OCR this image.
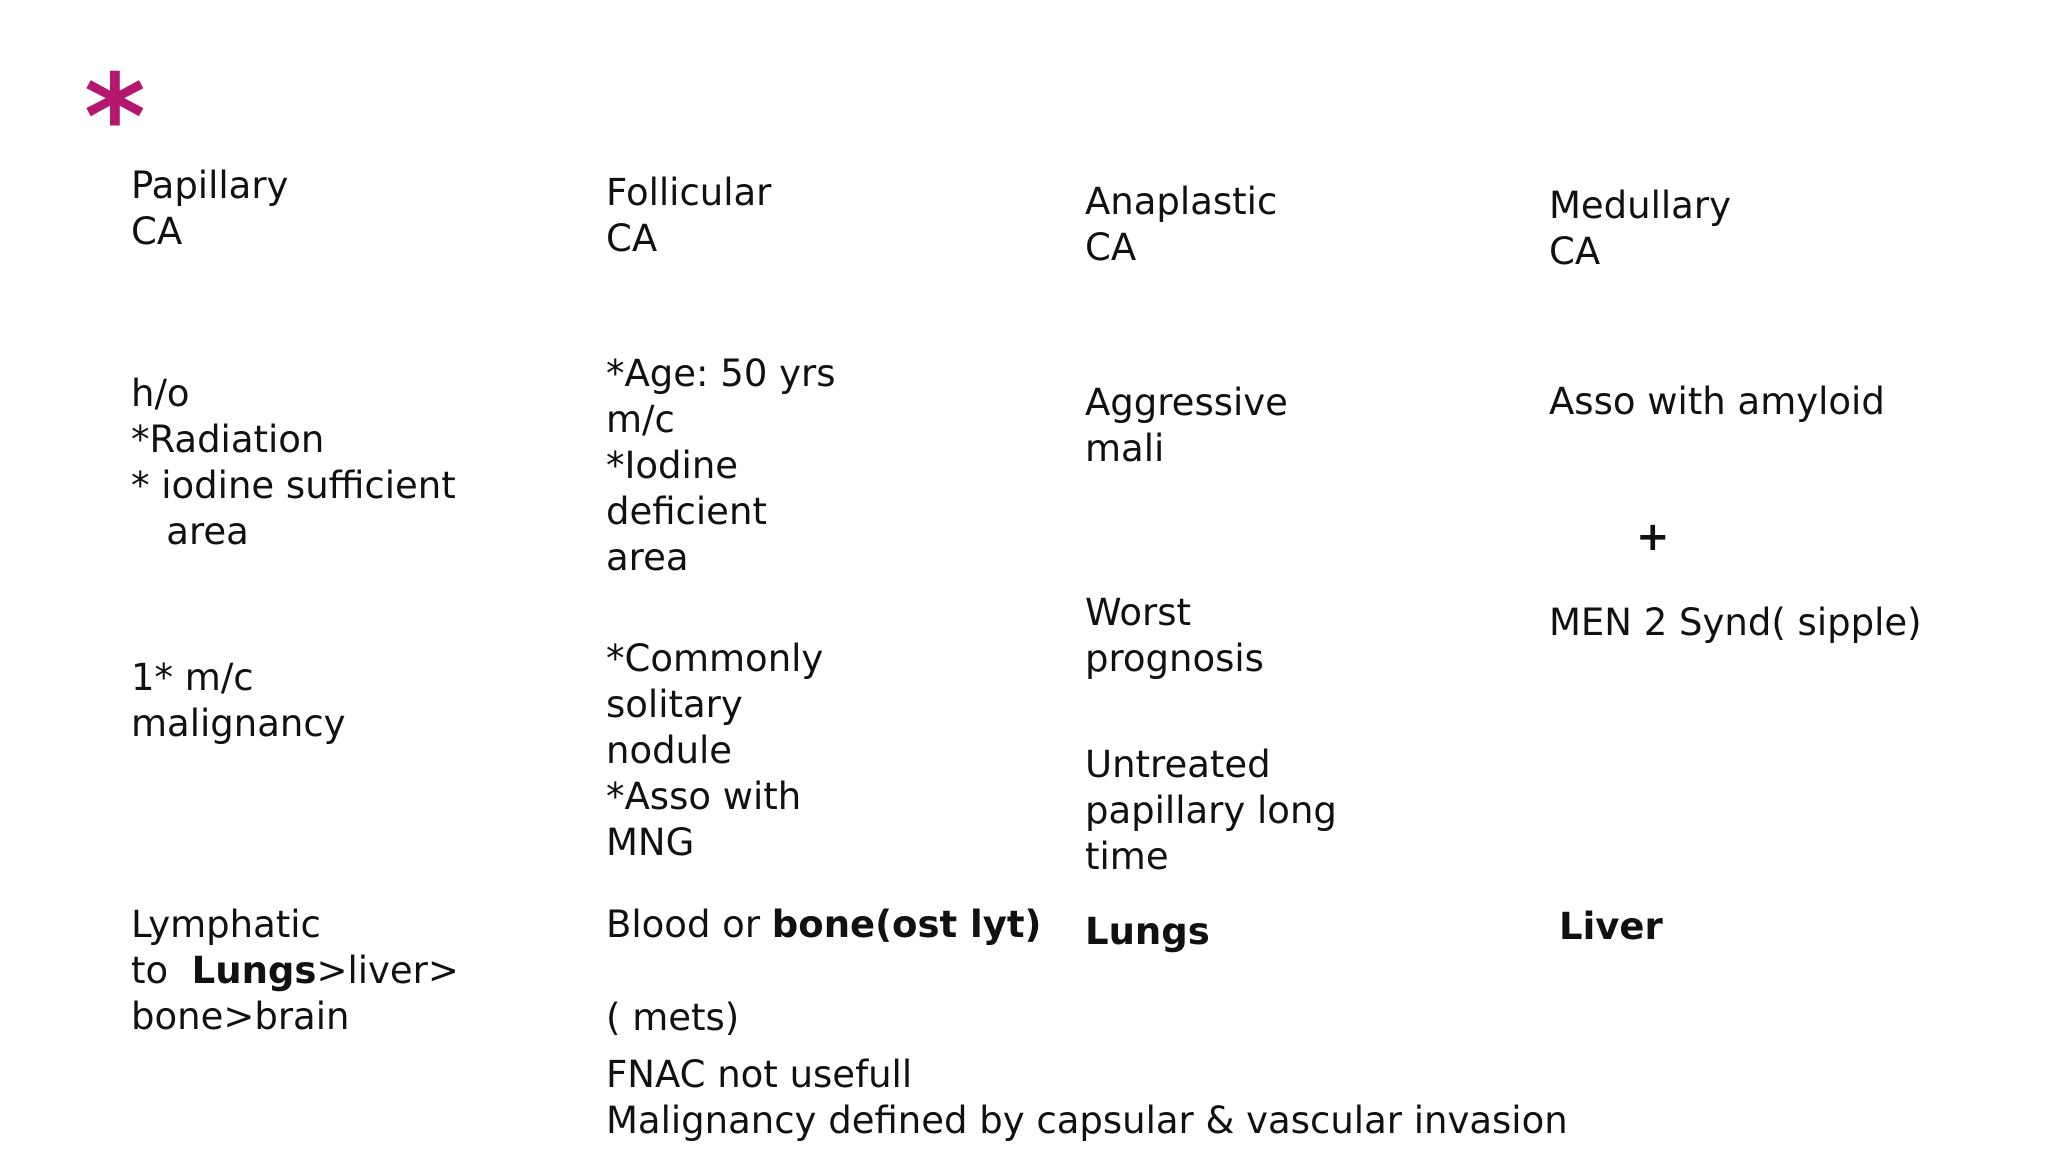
*

Papillary
CA

h/o
*Radiation
* iodine sufficient
area

1* m/c
malignancy

Lymphatic
to  Lungs>liver>
bone>brain

Follicular
CA

*Age: 50 yrs
m/c
*Iodine
deficient
area

*Commonly
solitary
nodule
*Asso with
MNG

Blood or bone(ost lyt)

( mets)

FNAC not usefull
Malignancy defined by capsular & vascular invasion

Anaplastic
CA

Aggressive
mali

Worst
prognosis

Untreated
papillary long
time

Lungs

Medullary
CA

Asso with amyloid

+

MEN 2 Synd( sipple)

Liver
